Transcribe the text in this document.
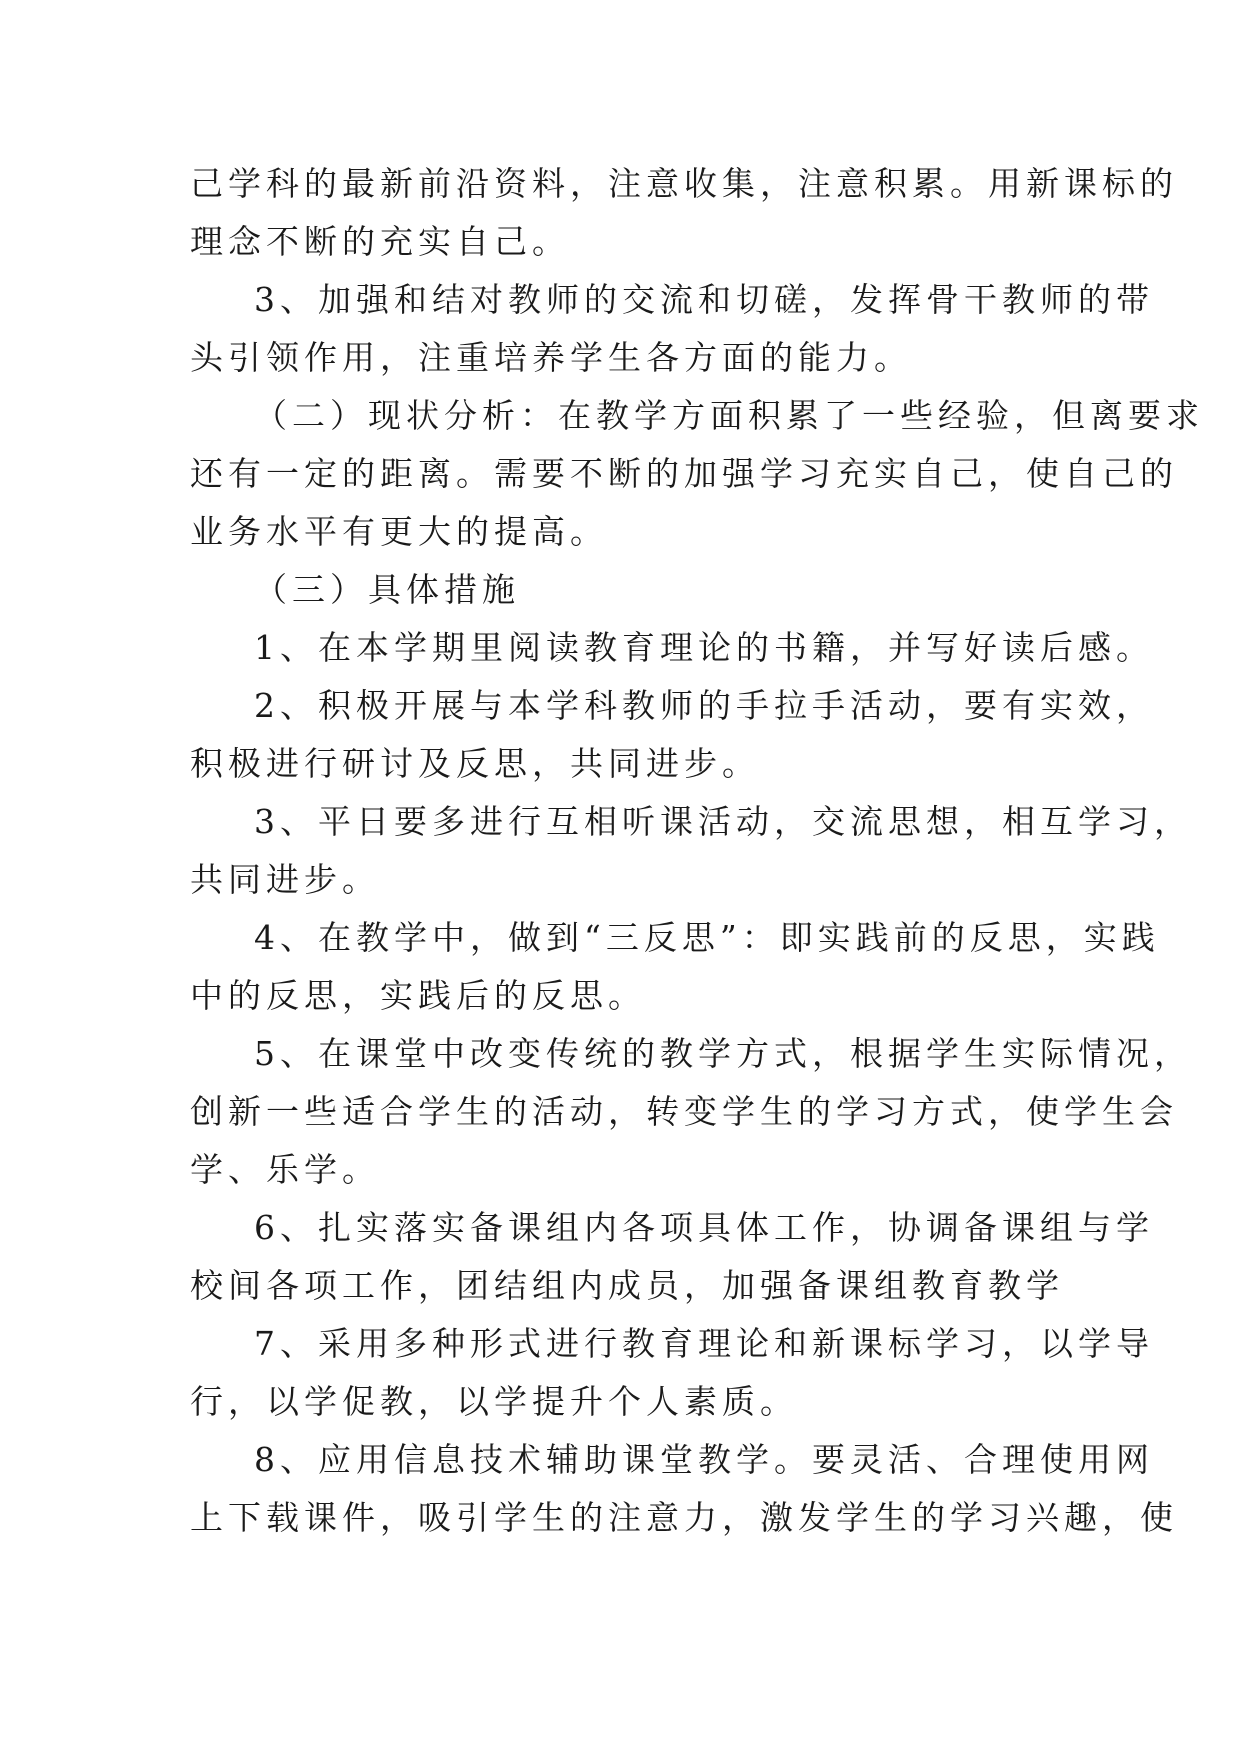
己学科的最新前沿资料，注意收集，注意积累。用新课标的
理念不断的充实自己。
3、加强和结对教师的交流和切磋，发挥骨干教师的带
头引领作用，注重培养学生各方面的能力。
（二）现状分析：在教学方面积累了一些经验，但离要求
还有一定的距离。需要不断的加强学习充实自己，使自己的
业务水平有更大的提高。
（三）具体措施
1、在本学期里阅读教育理论的书籍，并写好读后感。
2、积极开展与本学科教师的手拉手活动，要有实效，
积极进行研讨及反思，共同进步。
3、平日要多进行互相听课活动，交流思想，相互学习，
共同进步。
4、在教学中，做到“三反思”：即实践前的反思，实践
中的反思，实践后的反思。
5、在课堂中改变传统的教学方式，根据学生实际情况，
创新一些适合学生的活动，转变学生的学习方式，使学生会
学、乐学。
6、扎实落实备课组内各项具体工作，协调备课组与学
校间各项工作，团结组内成员，加强备课组教育教学
7、采用多种形式进行教育理论和新课标学习，以学导
行，以学促教，以学提升个人素质。
8、应用信息技术辅助课堂教学。要灵活、合理使用网
上下载课件，吸引学生的注意力，激发学生的学习兴趣，使
